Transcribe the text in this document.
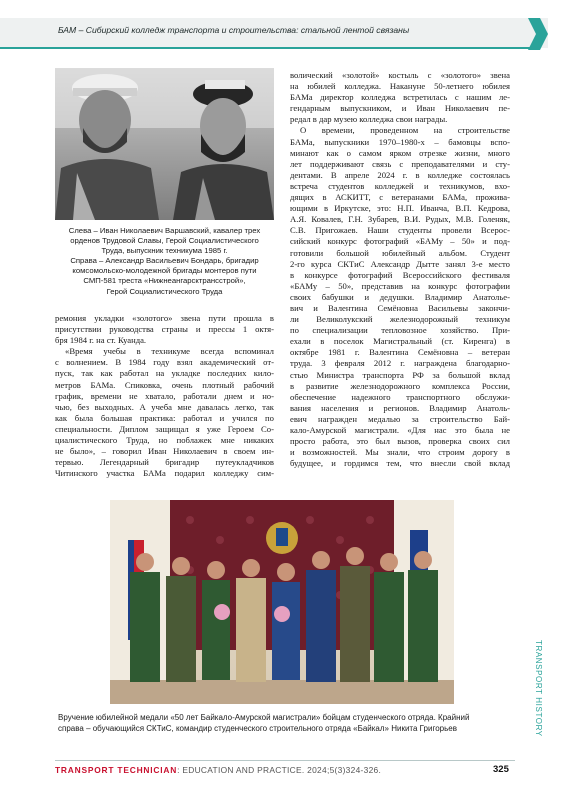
БАМ – Сибирский колледж транспорта и строительства: стальной лентой связаны
Слева – Иван Николаевич Варшавский, кавалер трех
орденов Трудовой Славы, Герой Социалистического
Труда, выпускник техникума 1985 г.
Справа – Александр Васильевич Бондарь, бригадир
комсомольско-молодежной бригады монтеров пути
СМП-581 треста «Нижнеангарсктрансстрой»,
Герой Социалистического Труда
ремония укладки «золотого» звена пути прошла в
присутствии руководства страны и прессы 1 октя-
бря 1984 г. на ст. Куанда.
«Время учебы в техникуме всегда вспоминал
с волнением. В 1984 году взял академический от-
пуск, так как работал на укладке последних кило-
метров БАМа. Спиковка, очень плотный рабочий
график, времени не хватало, работали днем и но-
чью, без выходных. А учеба мне давалась легко, так
как была большая практика: работал и учился по
специальности. Диплом защищал я уже Героем Со-
циалистического Труда, но поблажек мне никаких
не было», – говорил Иван Николаевич в своем ин-
тервью. Легендарный бригадир путеукладчиков
Читинского участка БАМа подарил колледжу сим-
волический «золотой» костыль с «золотого» звена
на юбилей колледжа. Накануне 50-летнего юбилея
БАМа директор колледжа встретилась с нашим ле-
гендарным выпускником, и Иван Николаевич пе-
редал в дар музею колледжа свои награды.
О времени, проведенном на строительстве
БАМа, выпускники 1970–1980-х – бамовцы вспо-
минают как о самом ярком отрезке жизни, много
лет поддерживают связь с преподавателями и сту-
дентами. В апреле 2024 г. в колледже состоялась
встреча студентов колледжей и техникумов, вхо-
дящих в АСКИТТ, с ветеранами БАМа, прожива-
ющими в Иркутске, это: Н.П. Иванча, В.П. Кедрова,
А.Я. Ковалев, Г.Н. Зубарев, В.И. Рудых, М.В. Голеняк,
С.В. Пригожаев. Наши студенты провели Всерос-
сийский конкурс фотографий «БАМу – 50» и под-
готовили большой юбилейный альбом. Студент
2-го курса СКТиС Александр Дытте занял 3-е место
в конкурсе фотографий Всероссийского фестиваля
«БАМу – 50», представив на конкурс фотографии
своих бабушки и дедушки. Владимир Анатолье-
вич и Валентина Семёновна Васильевы закончи-
ли Великолукский железнодорожный техникум
по специализации тепловозное хозяйство. При-
ехали в поселок Магистральный (ст. Киренга) в
октябре 1981 г. Валентина Семёновна – ветеран
труда. 3 февраля 2012 г. награждена благодарно-
стью Министра транспорта РФ за большой вклад
в развитие железнодорожного комплекса России,
обеспечение надежного транспортного обслужи-
вания населения и регионов. Владимир Анатоль-
евич награжден медалью за строительство Бай-
кало-Амурской магистрали. «Для нас это была не
просто работа, это был вызов, проверка своих сил
и возможностей. Мы знали, что строим дорогу в
будущее, и гордимся тем, что внесли свой вклад
Вручение юбилейной медали «50 лет Байкало-Амурской магистрали» бойцам студенческого отряда. Крайний
справа – обучающийся СКТиС, командир студенческого строительного отряда «Байкал» Никита Григорьев	TRANSPORT HISTORY
TRANSPORT TECHNICIAN: EDUCATION AND PRACTICE. 2024;5(3)324-326.	325
